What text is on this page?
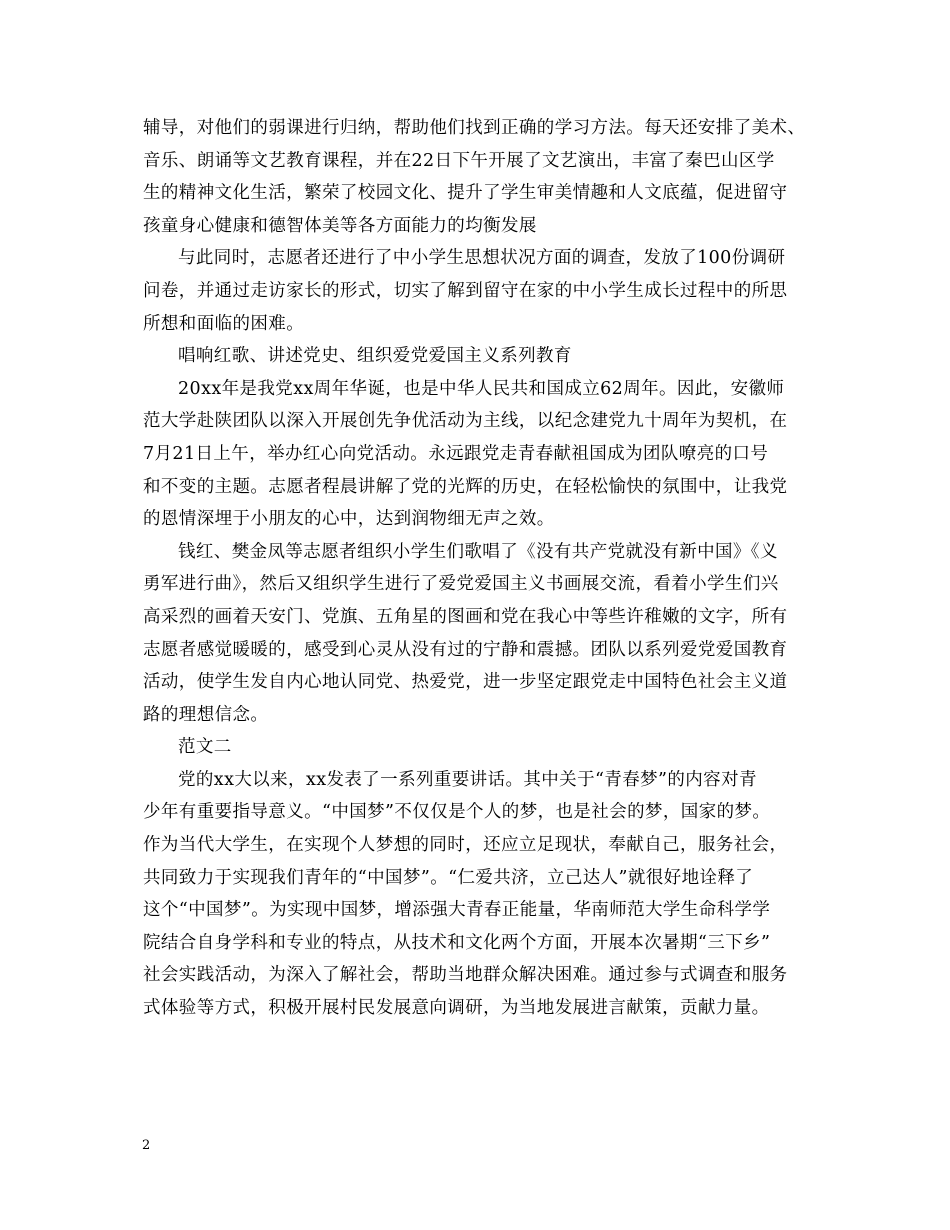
辅导，对他们的弱课进行归纳，帮助他们找到正确的学习方法。每天还安排了美术、
音乐、朗诵等文艺教育课程，并在22日下午开展了文艺演出，丰富了秦巴山区学
生的精神文化生活，繁荣了校园文化、提升了学生审美情趣和人文底蕴，促进留守
孩童身心健康和德智体美等各方面能力的均衡发展

与此同时，志愿者还进行了中小学生思想状况方面的调查，发放了100份调研
问卷，并通过走访家长的形式，切实了解到留守在家的中小学生成长过程中的所思
所想和面临的困难。

唱响红歌、讲述党史、组织爱党爱国主义系列教育

20xx年是我党xx周年华诞，也是中华人民共和国成立62周年。因此，安徽师
范大学赴陕团队以深入开展创先争优活动为主线，以纪念建党九十周年为契机，在
7月21日上午，举办红心向党活动。永远跟党走青春献祖国成为团队嘹亮的口号
和不变的主题。志愿者程晨讲解了党的光辉的历史，在轻松愉快的氛围中，让我党
的恩情深埋于小朋友的心中，达到润物细无声之效。

钱红、樊金凤等志愿者组织小学生们歌唱了《没有共产党就没有新中国》《义
勇军进行曲》，然后又组织学生进行了爱党爱国主义书画展交流，看着小学生们兴
高采烈的画着天安门、党旗、五角星的图画和党在我心中等些许稚嫩的文字，所有
志愿者感觉暖暖的，感受到心灵从没有过的宁静和震撼。团队以系列爱党爱国教育
活动，使学生发自内心地认同党、热爱党，进一步坚定跟党走中国特色社会主义道
路的理想信念。

范文二

党的xx大以来，xx发表了一系列重要讲话。其中关于“青春梦”的内容对青
少年有重要指导意义。“中国梦”不仅仅是个人的梦，也是社会的梦，国家的梦。
作为当代大学生，在实现个人梦想的同时，还应立足现状，奉献自己，服务社会，
共同致力于实现我们青年的“中国梦”。“仁爱共济，立己达人”就很好地诠释了
这个“中国梦”。为实现中国梦，增添强大青春正能量，华南师范大学生命科学学
院结合自身学科和专业的特点，从技术和文化两个方面，开展本次暑期“三下乡”
社会实践活动，为深入了解社会，帮助当地群众解决困难。通过参与式调查和服务
式体验等方式，积极开展村民发展意向调研，为当地发展进言献策，贡献力量。

2
